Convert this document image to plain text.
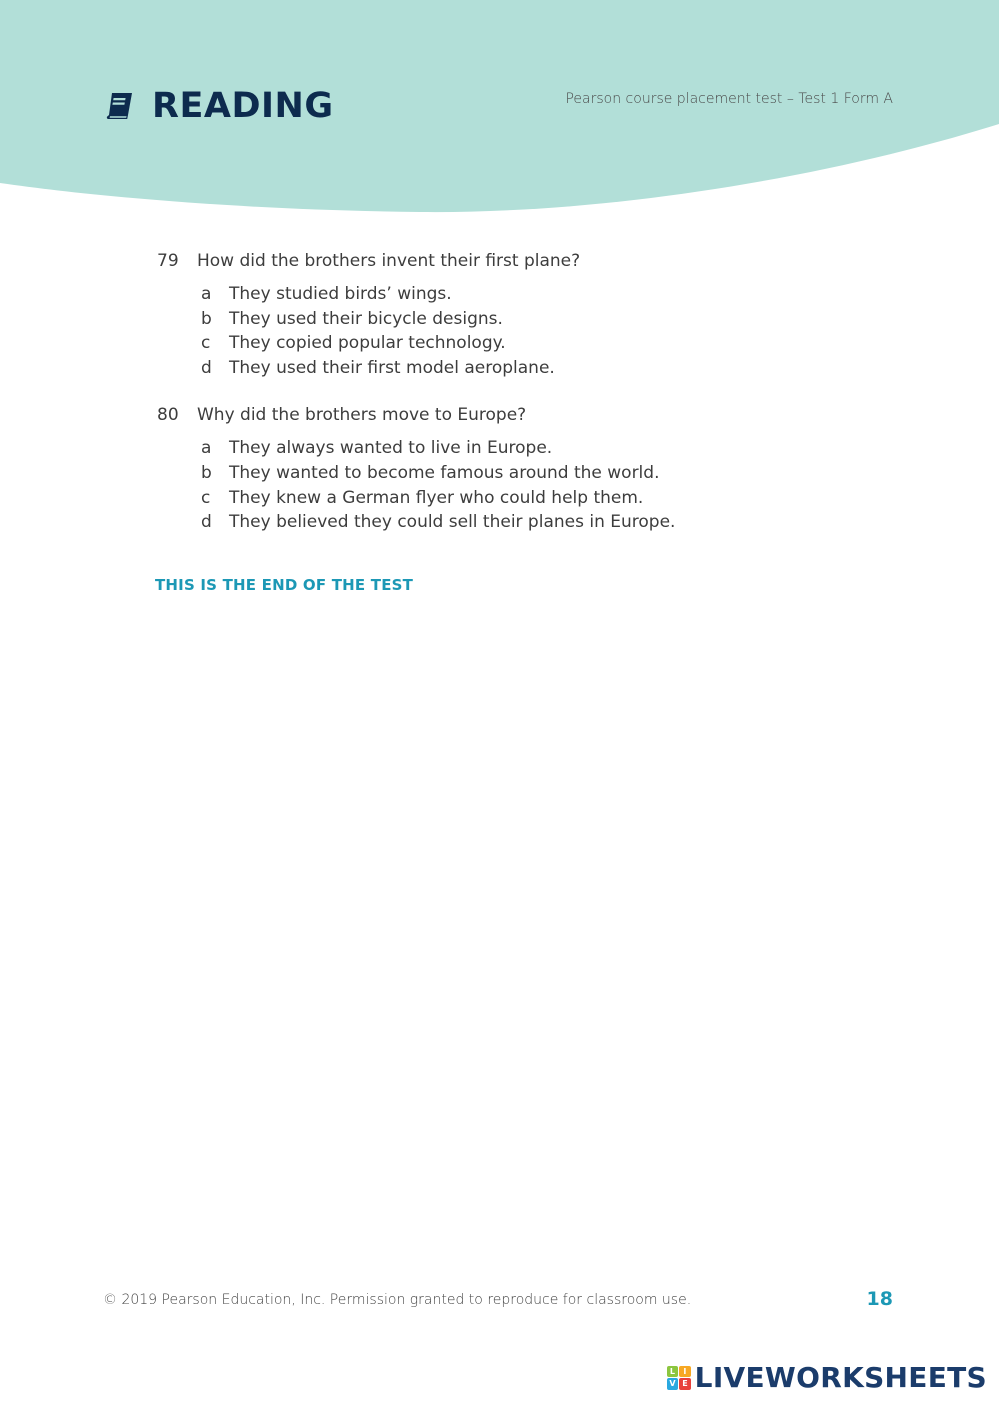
READING	Pearson course placement test – Test 1 Form A
79	How did the brothers invent their first plane?
a	They studied birds’ wings.
b	They used their bicycle designs.
c	They copied popular technology.
d	They used their first model aeroplane.
80	Why did the brothers move to Europe?
a	They always wanted to live in Europe.
b	They wanted to become famous around the world.
c	They knew a German flyer who could help them.
d	They believed they could sell their planes in Europe.
THIS IS THE END OF THE TEST
© 2019 Pearson Education, Inc. Permission granted to reproduce for classroom use.	18
L	I
V E LIVEWORKSHEETS
